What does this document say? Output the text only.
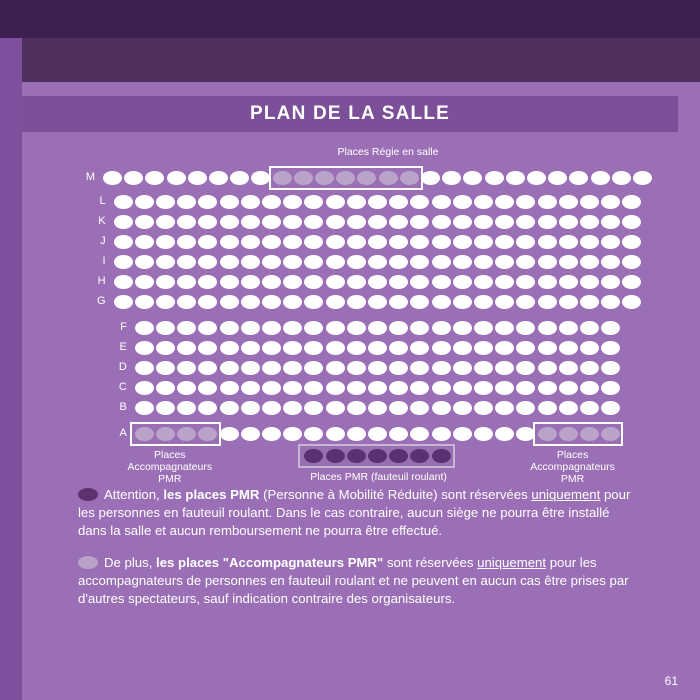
PLAN DE LA SALLE
Places Régie en salle
M
L
K
J
I
H
G
F
E
D
C
B
A
Places
Accompagnateurs
PMR
Places
Accompagnateurs
PMR
Places PMR (fauteuil roulant)

Attention, les places PMR (Personne à Mobilité Réduite) sont réservées uniquement pour les personnes en fauteuil roulant. Dans le cas contraire, aucun siège ne pourra être installé dans la salle et aucun remboursement ne pourra être effectué.

De plus, les places "Accompagnateurs PMR" sont réservées uniquement pour les accompagnateurs de personnes en fauteuil roulant et ne peuvent en aucun cas être prises par d'autres spectateurs, sauf indication contraire des organisateurs.

61
